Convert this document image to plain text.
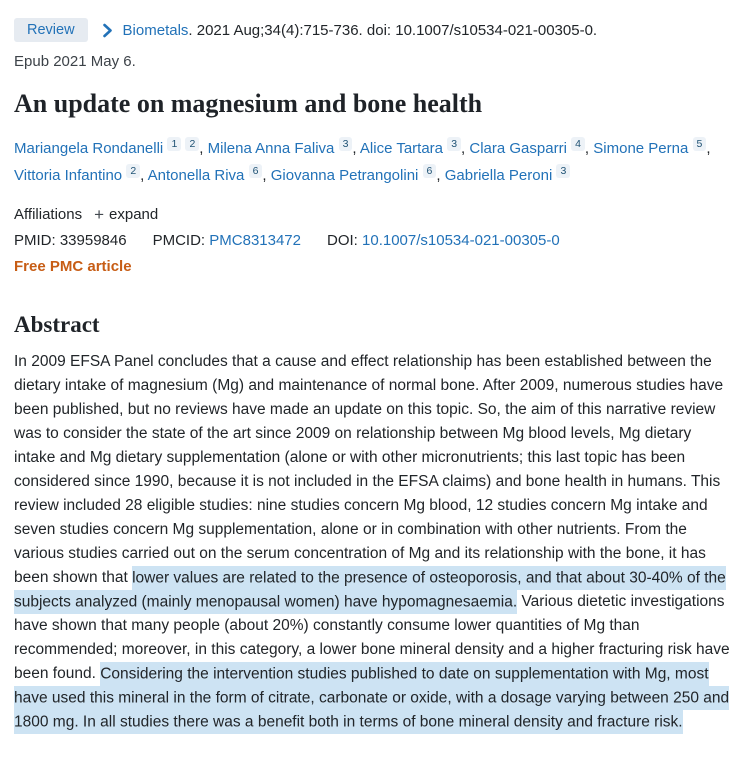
Review	Biometals. 2021 Aug;34(4):715-736. doi: 10.1007/s10534-021-00305-0.
Epub 2021 May 6.
An update on magnesium and bone health
Mariangela Rondanelli $^1$ $^2$ , Milena Anna Faliva $^3$ , Alice Tartara $^3$ , Clara Gasparri $^4$ , Simone Perna $^5$ , Vittoria Infantino $^2$ , Antonella Riva $^6$ , Giovanna Petrangolini $^6$ , Gabriella Peroni $^3$
Affiliations + expand
PMID: 33959846 PMCID: PMC8313472 DOI: 10.1007/s10534-021-00305-0
Free PMC article
Abstract

In 2009 EFSA Panel concludes that a cause and effect relationship has been established between the dietary intake of magnesium (Mg) and maintenance of normal bone. After 2009, numerous studies have been published, but no reviews have made an update on this topic. So, the aim of this narrative review was to consider the state of the art since 2009 on relationship between Mg blood levels, Mg dietary intake and Mg dietary supplementation (alone or with other micronutrients; this last topic has been considered since 1990, because it is not included in the EFSA claims) and bone health in humans. This review included 28 eligible studies: nine studies concern Mg blood, 12 studies concern Mg intake and seven studies concern Mg supplementation, alone or in combination with other nutrients. From the various studies carried out on the serum concentration of Mg and its relationship with the bone, it has been shown that lower values are related to the presence of osteoporosis, and that about 30-40% of the subjects analyzed (mainly menopausal women) have hypomagnesaemia. Various dietetic investigations have shown that many people (about 20%) constantly consume lower quantities of Mg than recommended; moreover, in this category, a lower bone mineral density and a higher fracturing risk have been found. Considering the intervention studies published to date on supplementation with Mg, most have used this mineral in the form of citrate, carbonate or oxide, with a dosage varying between 250 and 1800 mg. In all studies there was a benefit both in terms of bone mineral density and fracture risk.
